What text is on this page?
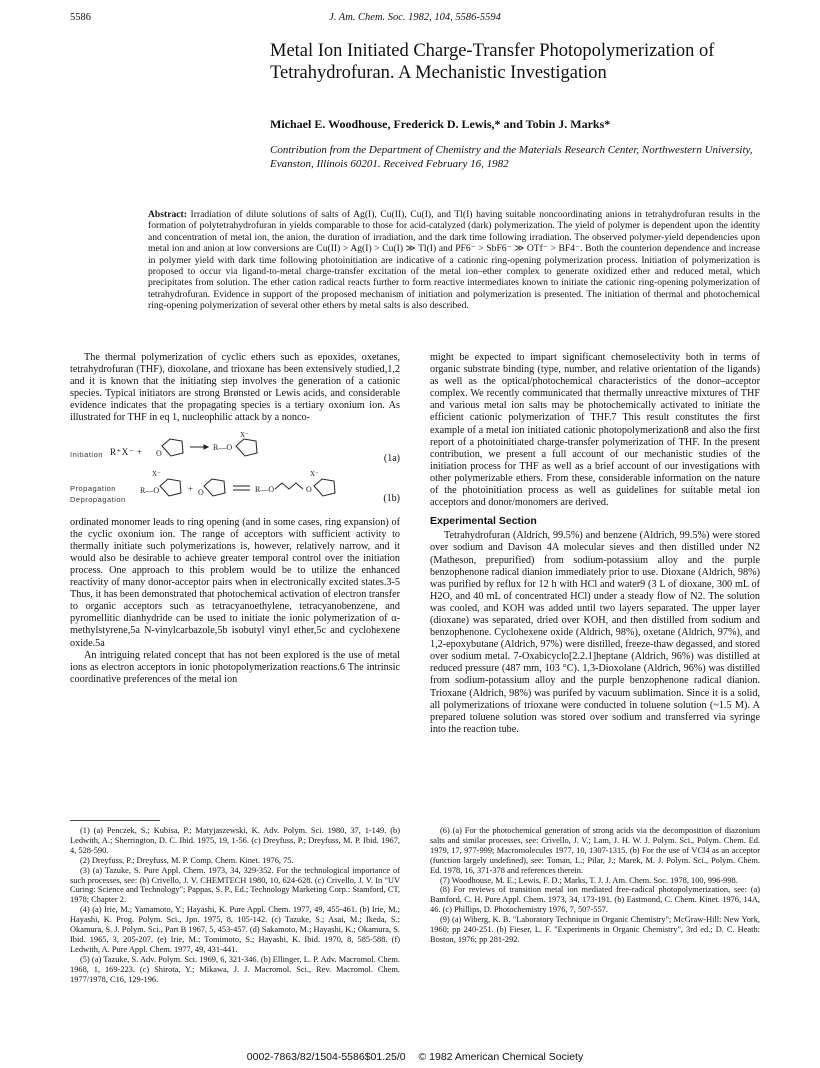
5586	J. Am. Chem. Soc. 1982, 104, 5586-5594
Metal Ion Initiated Charge-Transfer Photopolymerization of Tetrahydrofuran. A Mechanistic Investigation

Michael E. Woodhouse, Frederick D. Lewis,* and Tobin J. Marks*

Contribution from the Department of Chemistry and the Materials Research Center, Northwestern University, Evanston, Illinois 60201. Received February 16, 1982

Abstract: Irradiation of dilute solutions of salts of Ag(I), Cu(II), Cu(I), and Tl(I) having suitable noncoordinating anions in tetrahydrofuran results in the formation of polytetrahydrofuran in yields comparable to those for acid-catalyzed (dark) polymerization. The yield of polymer is dependent upon the identity and concentration of metal ion, the anion, the duration of irradiation, and the dark time following irradiation. The observed polymer-yield dependencies upon metal ion and anion at low conversions are Cu(II) > Ag(I) > Cu(I) ≫ Tl(I) and PF6⁻ > SbF6⁻ ≫ OTf⁻ > BF4⁻. Both the counterion dependence and increase in polymer yield with dark time following photoinitiation are indicative of a cationic ring-opening polymerization process. Initiation of polymerization is proposed to occur via ligand-to-metal charge-transfer excitation of the metal ion–ether complex to generate oxidized ether and reduced metal, which precipitates from solution. The ether cation radical reacts further to form reactive intermediates known to initiate the cationic ring-opening polymerization of tetrahydrofuran. Evidence in support of the proposed mechanism of initiation and polymerization is presented. The initiation of thermal and photochemical ring-opening polymerization of several other ethers by metal salts is also described.

The thermal polymerization of cyclic ethers such as epoxides, oxetanes, tetrahydrofuran (THF), dioxolane, and trioxane has been extensively studied,1,2 and it is known that the initiating step involves the generation of a cationic species. Typical initiators are strong Brønsted or Lewis acids, and considerable evidence indicates that the propagating species is a tertiary oxonium ion. As illustrated for THF in eq 1, nucleophilic attack by a nonco-

Initiation R⁺X⁻ +
Propagation
Depropagation
O
R—O
X⁻
R—O
X⁻
+ O	R—O	O
X⁻
(1a)
(1b)

ordinated monomer leads to ring opening (and in some cases, ring expansion) of the cyclic oxonium ion. The range of acceptors with sufficient activity to thermally initiate such polymerizations is, however, relatively narrow, and it would also be desirable to achieve greater temporal control over the initiation process. One approach to this problem would be to utilize the enhanced reactivity of many donor-acceptor pairs when in electronically excited states.3-5 Thus, it has been demonstrated that photochemical activation of electron transfer to organic acceptors such as tetracyanoethylene, tetracyanobenzene, and pyromellitic dianhydride can be used to initiate the ionic polymerization of α-methylstyrene,5a N-vinylcarbazole,5b isobutyl vinyl ether,5c and cyclohexene oxide.5a

An intriguing related concept that has not been explored is the use of metal ions as electron acceptors in ionic photopolymerization reactions.6 The intrinsic coordinative preferences of the metal ion

might be expected to impart significant chemoselectivity both in terms of organic substrate binding (type, number, and relative orientation of the ligands) as well as the optical/photochemical characteristics of the donor–acceptor complex. We recently communicated that thermally unreactive mixtures of THF and various metal ion salts may be photochemically activated to initiate the efficient cationic polymerization of THF.7 This result constitutes the first example of a metal ion initiated cationic photopolymerization8 and also the first report of a photoinitiated charge-transfer polymerization of THF. In the present contribution, we present a full account of our mechanistic studies of the initiation process for THF as well as a brief account of our investigations with other polymerizable ethers. From these, considerable information on the nature of the photoinitiation process as well as guidelines for suitable metal ion acceptors and donor/monomers are derived.

Experimental Section

Tetrahydrofuran (Aldrich, 99.5%) and benzene (Aldrich, 99.5%) were stored over sodium and Davison 4A molecular sieves and then distilled under N2 (Matheson, prepurified) from sodium-potassium alloy and the purple benzophenone radical dianion immediately prior to use. Dioxane (Aldrich, 98%) was purified by reflux for 12 h with HCl and water9 (3 L of dioxane, 300 mL of H2O, and 40 mL of concentrated HCl) under a steady flow of N2. The solution was cooled, and KOH was added until two layers separated. The upper layer (dioxane) was separated, dried over KOH, and then distilled from sodium and benzophenone. Cyclohexene oxide (Aldrich, 98%), oxetane (Aldrich, 97%), and 1,2-epoxybutane (Aldrich, 97%) were distilled, freeze-thaw degassed, and stored over sodium metal. 7-Oxabicyclo[2.2.1]heptane (Aldrich, 96%) was distilled at reduced pressure (487 mm, 103 °C). 1,3-Dioxolane (Aldrich, 96%) was distilled from sodium-potassium alloy and the purple benzophenone radical dianion. Trioxane (Aldrich, 98%) was purifed by vacuum sublimation. Since it is a solid, all polymerizations of trioxane were conducted in toluene solution (~1.5 M). A prepared toluene solution was stored over sodium and transferred via syringe into the reaction tube.

(1) (a) Penczek, S.; Kubisa, P.; Matyjaszewski, K. Adv. Polym. Sci. 1980, 37, 1-149. (b) Ledwith, A.; Sherrington, D. C. Ibid. 1975, 19, 1-56. (c) Dreyfuss, P.; Dreyfuss, M. P. Ibid. 1967, 4, 528-590.

(2) Dreyfuss, P.; Dreyfuss, M. P. Comp. Chem. Kinet. 1976, 75.

(3) (a) Tazuke, S. Pure Appl. Chem. 1973, 34, 329-352. For the technological importance of such processes, see: (b) Crivello, J. V. CHEMTECH 1980, 10, 624-628. (c) Crivello, J. V. In "UV Curing: Science and Technology"; Pappas, S. P., Ed.; Technology Marketing Corp.: Stamford, CT, 1978; Chapter 2.

(4) (a) Irie, M.; Yamamoto, Y.; Hayashi, K. Pure Appl. Chem. 1977, 49, 455-461. (b) Irie, M.; Hayashi, K. Prog. Polym. Sci., Jpn. 1975, 8, 105-142. (c) Tazuke, S.; Asai, M.; Ikeda, S.; Okamura, S. J. Polym. Sci., Part B 1967, 5, 453-457. (d) Sakamoto, M.; Hayashi, K.; Okamura, S. Ibid. 1965, 3, 205-207. (e) Irie, M.; Tomimoto, S.; Hayashi, K. Ibid. 1970, 8, 585-588. (f) Ledwith, A. Pure Appl. Chem. 1977, 49, 431-441.

(5) (a) Tazuke, S. Adv. Polym. Sci. 1969, 6, 321-346. (b) Ellinger, L. P. Adv. Macromol. Chem. 1968, 1, 169-223. (c) Shirota, Y.; Mikawa, J. J. Macromol. Sci., Rev. Macromol. Chem. 1977/1978, C16, 129-196.

(6) (a) For the photochemical generation of strong acids via the decomposition of diazonium salts and similar processes, see: Crivello, J. V.; Lam, J. H. W. J. Polym. Sci., Polym. Chem. Ed. 1979, 17, 977-999; Macromolecules 1977, 10, 1307-1315. (b) For the use of VCl4 as an acceptor (function largely undefined), see: Toman, L.; Pilar, J.; Marek, M. J. Polym. Sci., Polym. Chem. Ed. 1978, 16, 371-378 and references therein.

(7) Woodhouse, M. E.; Lewis, F. D.; Marks, T. J. J. Am. Chem. Soc. 1978, 100, 996-998.

(8) For reviews of transition metal ion mediated free-radical photopolymerization, see: (a) Bamford, C. H. Pure Appl. Chem. 1973, 34, 173-191. (b) Eastmond, C. Chem. Kinet. 1976, 14A, 46. (c) Phillips, D. Photochemistry 1976, 7, 507-557.

(9) (a) Wiberg, K. B. "Laboratory Technique in Organic Chemistry"; McGraw-Hill: New York, 1960; pp 240-251. (b) Fieser, L. F. "Experiments in Organic Chemistry", 3rd ed.; D. C. Heath: Boston, 1976; pp 281-292.

0002-7863/82/1504-5586$01.25/0 © 1982 American Chemical Society
